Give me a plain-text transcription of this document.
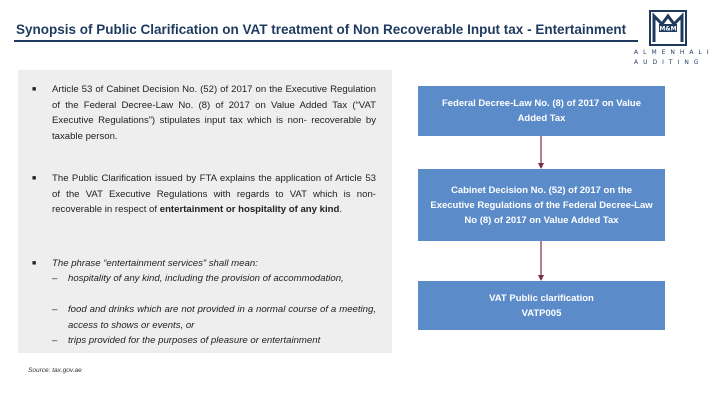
Synopsis of Public Clarification on VAT treatment of Non Recoverable Input tax - Entertainment	M&M
ALMENHALI
AUDITING
■	Article 53 of Cabinet Decision No. (52) of 2017 on the Executive Regulation of the Federal Decree-Law No. (8) of 2017 on Value Added Tax (“VAT Executive Regulations”) stipulates input tax which is non- recoverable by taxable person.
■	The Public Clarification issued by FTA explains the application of Article 53 of the VAT Executive Regulations with regards to VAT which is non-recoverable in respect of entertainment or hospitality of any kind.
■	The phrase “entertainment services” shall mean:
–	hospitality of any kind, including the provision of accommodation,
–	food and drinks which are not provided in a normal course of a meeting, access to shows or events, or
–	trips provided for the purposes of pleasure or entertainment
Source: tax.gov.ae
Federal Decree-Law No. (8) of 2017 on Value Added Tax
Cabinet Decision No. (52) of 2017 on the Executive Regulations of the Federal Decree-Law No (8) of 2017 on Value Added Tax
VAT Public clarification
VATP005
